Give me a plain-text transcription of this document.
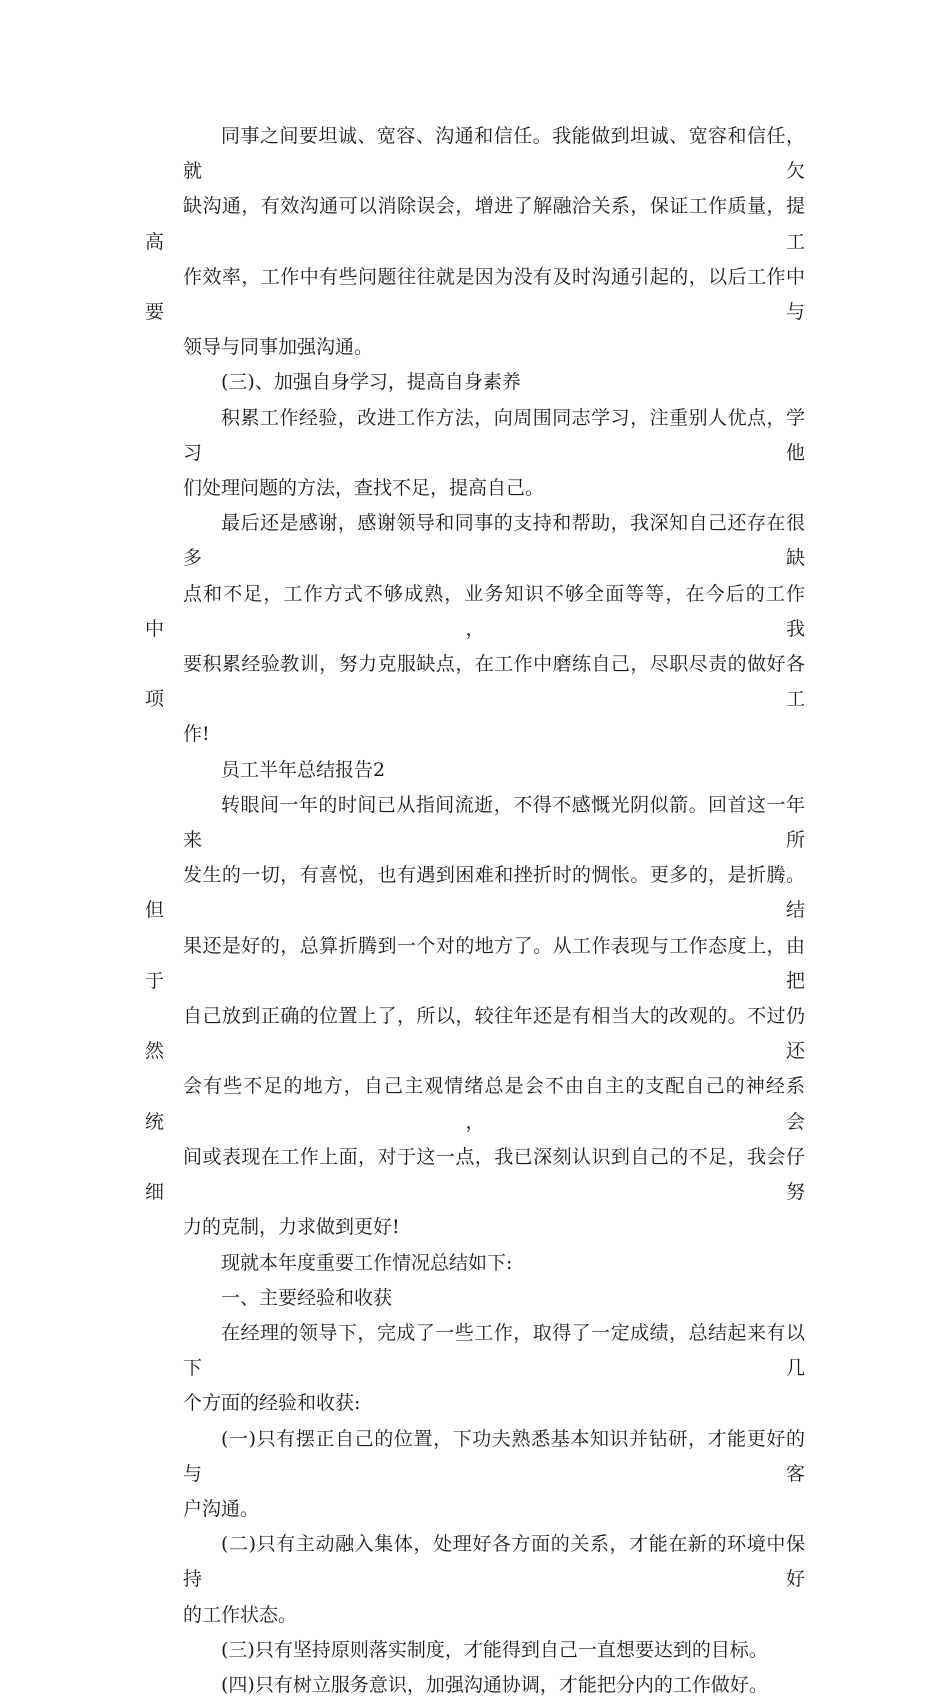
同事之间要坦诚、宽容、沟通和信任。我能做到坦诚、宽容和信任，就欠
缺沟通，有效沟通可以消除误会，增进了解融洽关系，保证工作质量，提高工
作效率，工作中有些问题往往就是因为没有及时沟通引起的，以后工作中要与
领导与同事加强沟通。

(三)、加强自身学习，提高自身素养

积累工作经验，改进工作方法，向周围同志学习，注重别人优点，学习他
们处理问题的方法，查找不足，提高自己。

最后还是感谢，感谢领导和同事的支持和帮助，我深知自己还存在很多缺
点和不足，工作方式不够成熟，业务知识不够全面等等，在今后的工作中，我
要积累经验教训，努力克服缺点，在工作中磨练自己，尽职尽责的做好各项工
作!

员工半年总结报告2

转眼间一年的时间已从指间流逝，不得不感慨光阴似箭。回首这一年来所
发生的一切，有喜悦，也有遇到困难和挫折时的惆怅。更多的，是折腾。但结
果还是好的，总算折腾到一个对的地方了。从工作表现与工作态度上，由于把
自己放到正确的位置上了，所以，较往年还是有相当大的改观的。不过仍然还
会有些不足的地方，自己主观情绪总是会不由自主的支配自己的神经系统，会
间或表现在工作上面，对于这一点，我已深刻认识到自己的不足，我会仔细努
力的克制，力求做到更好!

现就本年度重要工作情况总结如下:

一、主要经验和收获

在经理的领导下，完成了一些工作，取得了一定成绩，总结起来有以下几
个方面的经验和收获:

(一)只有摆正自己的位置，下功夫熟悉基本知识并钻研，才能更好的与客
户沟通。

(二)只有主动融入集体，处理好各方面的关系，才能在新的环境中保持好
的工作状态。

(三)只有坚持原则落实制度，才能得到自己一直想要达到的目标。

(四)只有树立服务意识，加强沟通协调，才能把分内的工作做好。
